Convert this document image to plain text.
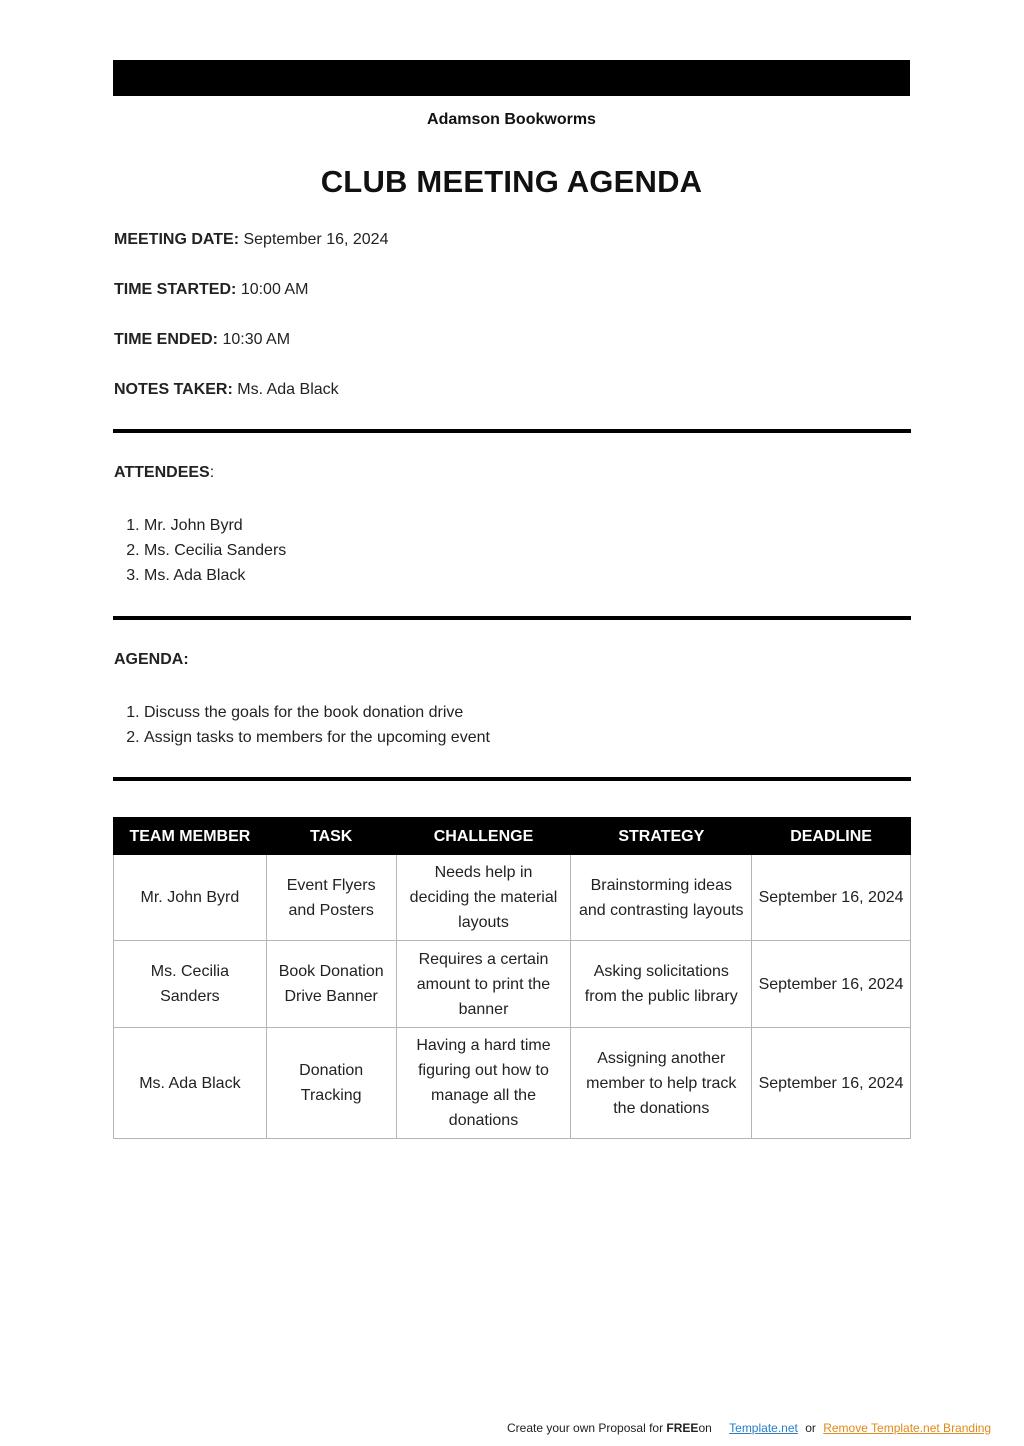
Adamson Bookworms
CLUB MEETING AGENDA
MEETING DATE: September 16, 2024
TIME STARTED: 10:00 AM
TIME ENDED: 10:30 AM
NOTES TAKER: Ms. Ada Black
ATTENDEES:
1. Mr. John Byrd
2. Ms. Cecilia Sanders
3. Ms. Ada Black
AGENDA:
1. Discuss the goals for the book donation drive
2. Assign tasks to members for the upcoming event
TEAM MEMBER	TASK	CHALLENGE	STRATEGY	DEADLINE
Mr. John Byrd	Event Flyers and Posters	Needs help in deciding the material layouts	Brainstorming ideas and contrasting layouts	September 16, 2024
Ms. Cecilia Sanders	Book Donation Drive Banner	Requires a certain amount to print the banner	Asking solicitations from the public library	September 16, 2024
Ms. Ada Black	Donation Tracking	Having a hard time figuring out how to manage all the donations	Assigning another member to help track the donations	September 16, 2024
Create your own Proposal for FREEon Template.net or Remove Template.net Branding
